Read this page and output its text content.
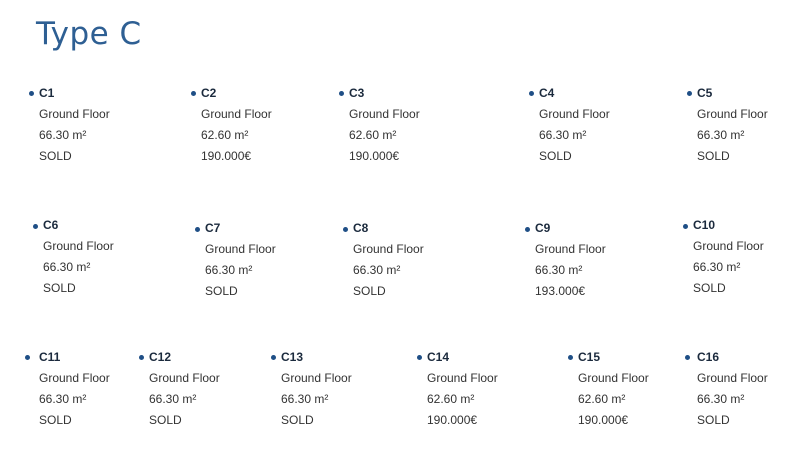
Type C
C1
Ground Floor
66.30 m²
SOLD
C2
Ground Floor
62.60 m²
190.000€
C3
Ground Floor
62.60 m²
190.000€
C4
Ground Floor
66.30 m²
SOLD
C5
Ground Floor
66.30 m²
SOLD
C6
Ground Floor
66.30 m²
SOLD
C7
Ground Floor
66.30 m²
SOLD
C8
Ground Floor
66.30 m²
SOLD
C9
Ground Floor
66.30 m²
193.000€
C10
Ground Floor
66.30 m²
SOLD
C11
Ground Floor
66.30 m²
SOLD
C12
Ground Floor
66.30 m²
SOLD
C13
Ground Floor
66.30 m²
SOLD
C14
Ground Floor
62.60 m²
190.000€
C15
Ground Floor
62.60 m²
190.000€
C16
Ground Floor
66.30 m²
SOLD
